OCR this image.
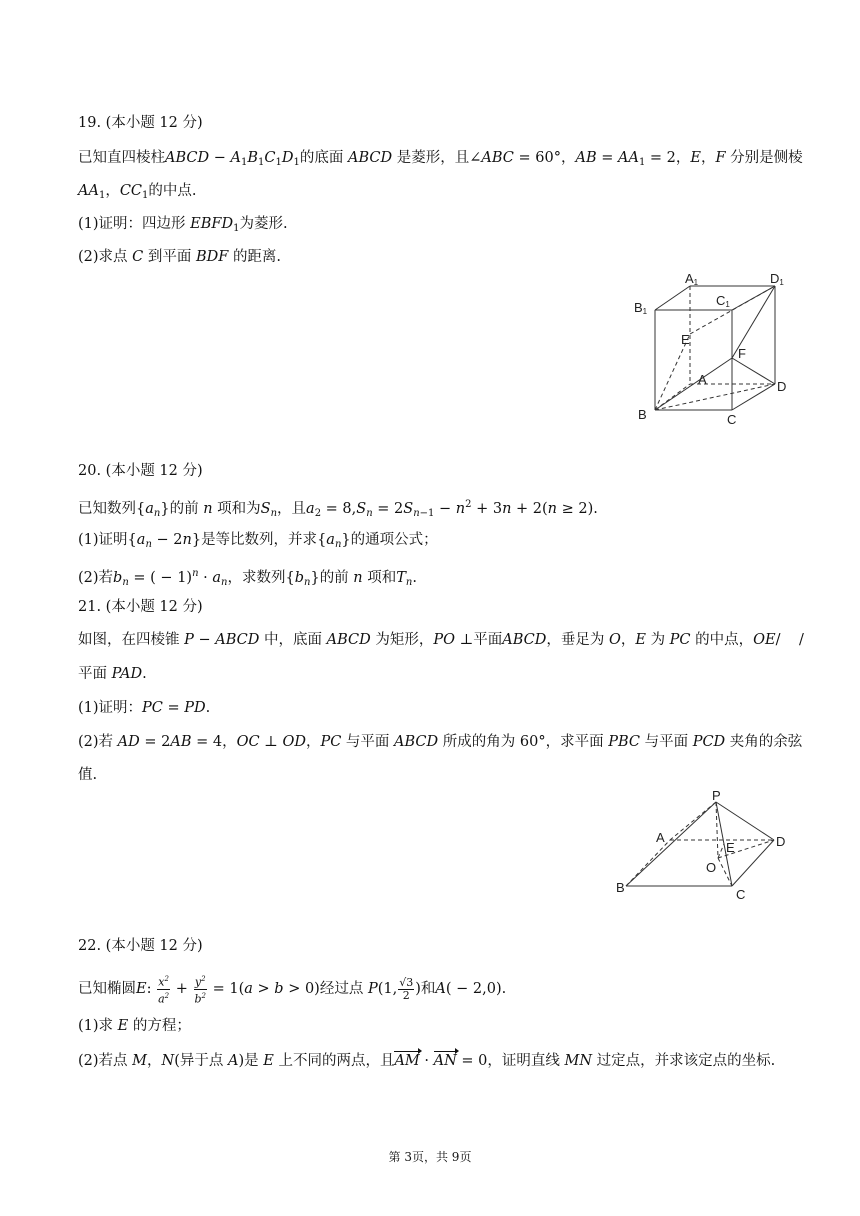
19. (本小题 12 分)
已知直四棱柱ABCD − $A_1B_1C_1D_1$的底面 ABCD 是菱形，且∠ABC = 60°，AB = $AA_1 = 2$，E，F 分别是侧棱
$AA_1$，$CC_1$的中点.
(1)证明：四边形 $EBFD_1$为菱形.
(2)求点 C 到平面 BDF 的距离.
A1	D1
B1
C1
E
F
A	D
B	C
20. (本小题 12 分)
已知数列$\{a_n\}$的前 n 项和为$S_n$，且$a_2 = 8,S_n = 2S_{n-1} - n^2 + 3n + 2(n \ge 2)$.
(1)证明$\{a_n - 2n\}$是等比数列，并求$\{a_n\}$的通项公式；
(2)若$b_n$ = ( − $1)^n \cdot a_n$，求数列$\{b_n\}$的前 n 项和$T_n$.
21. (本小题 12 分)
如图，在四棱锥 P − ABCD 中，底面 ABCD 为矩形，PO ⊥平面ABCD，垂足为 O，E 为 PC 的中点，OE/    /
平面 PAD.
(1)证明：PC = PD.
(2)若 AD = 2AB = 4，OC ⊥ OD，PC 与平面 ABCD 所成的角为 60°，求平面 PBC 与平面 PCD 夹角的余弦
值.
P
A	D
E
O
B	C
22. (本小题 12 分)
已知椭圆E: $\frac{x^2}{a^2} + \frac{y^2}{b^2} = 1(a > b > 0)$经过点 P(1, $\frac{√3}{2}$ )和A( − 2,0).
(1)求 E 的方程；
(2)若点 M，N(异于点 A)是 E 上不同的两点，且AM · AN = 0，证明直线 MN 过定点，并求该定点的坐标.
第 3页，共 9页
